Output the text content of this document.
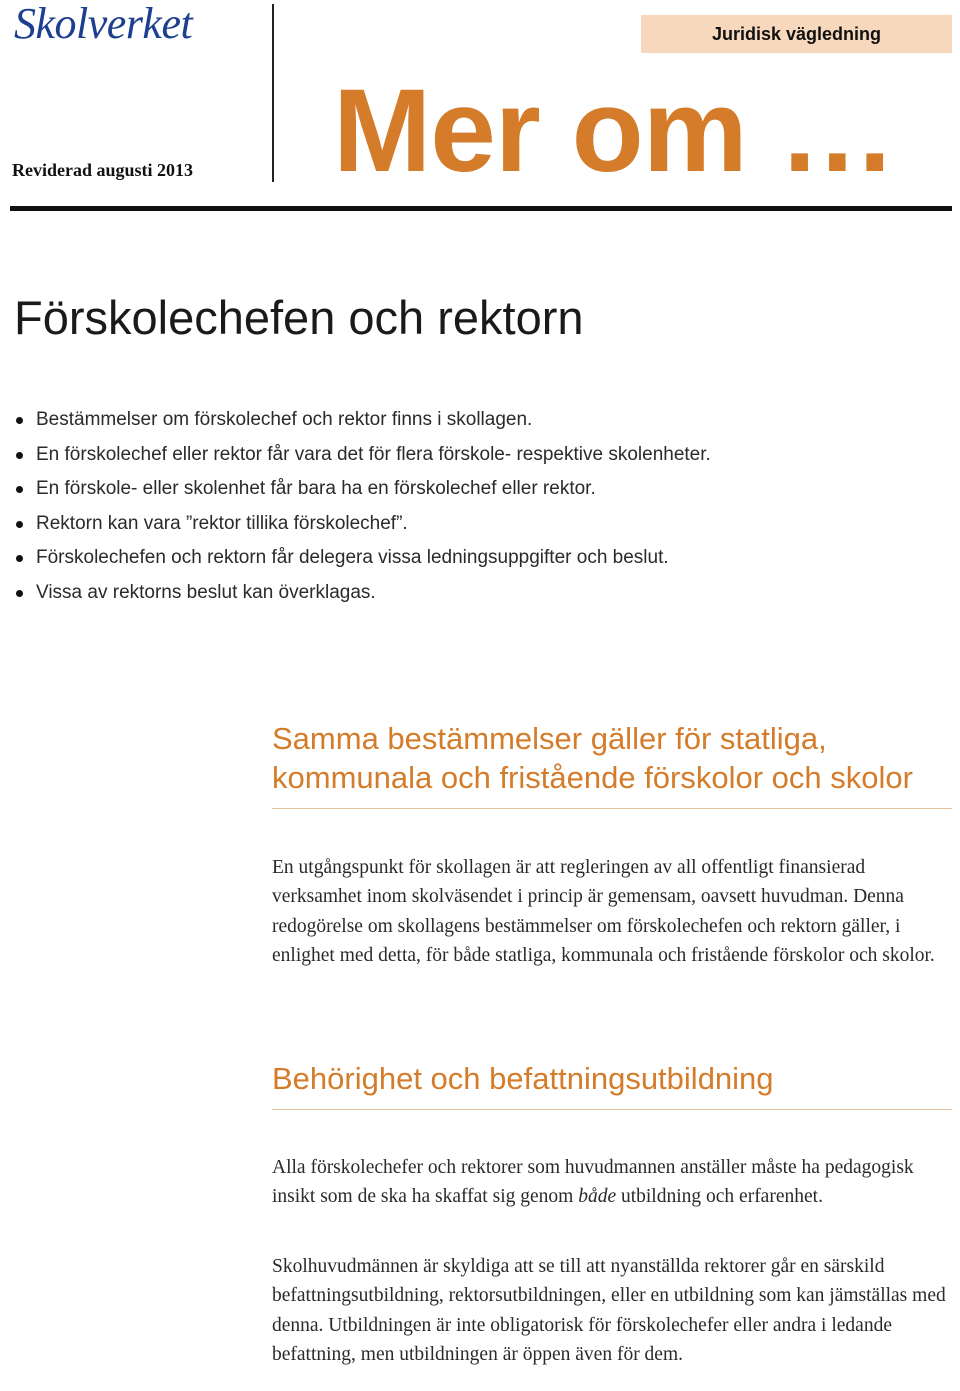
Skolverket
Reviderad augusti 2013
Juridisk vägledning
Mer om …
Förskolechefen och rektorn
Bestämmelser om förskolechef och rektor finns i skollagen.
En förskolechef eller rektor får vara det för flera förskole- respektive skolenheter.
En förskole- eller skolenhet får bara ha en förskolechef eller rektor.
Rektorn kan vara ”rektor tillika förskolechef”.
Förskolechefen och rektorn får delegera vissa ledningsuppgifter och beslut.
Vissa av rektorns beslut kan överklagas.
Samma bestämmelser gäller för statliga,
kommunala och fristående förskolor och skolor

En utgångspunkt för skollagen är att regleringen av all offentligt finansierad verksamhet inom skolväsendet i princip är gemensam, oavsett huvudman. Denna redogörelse om skollagens bestämmelser om förskolechefen och rektorn gäller, i enlighet med detta, för både statliga, kommunala och fristående förskolor och skolor.

Behörighet och befattningsutbildning

Alla förskolechefer och rektorer som huvudmannen anställer måste ha pedagogisk insikt som de ska ha skaffat sig genom både utbildning och erfarenhet.

Skolhuvudmännen är skyldiga att se till att nyanställda rektorer går en särskild befattningsutbildning, rektorsutbildningen, eller en utbildning som kan jämställas med denna. Utbildningen är inte obligatorisk för förskolechefer eller andra i ledande befattning, men utbildningen är öppen även för dem.
